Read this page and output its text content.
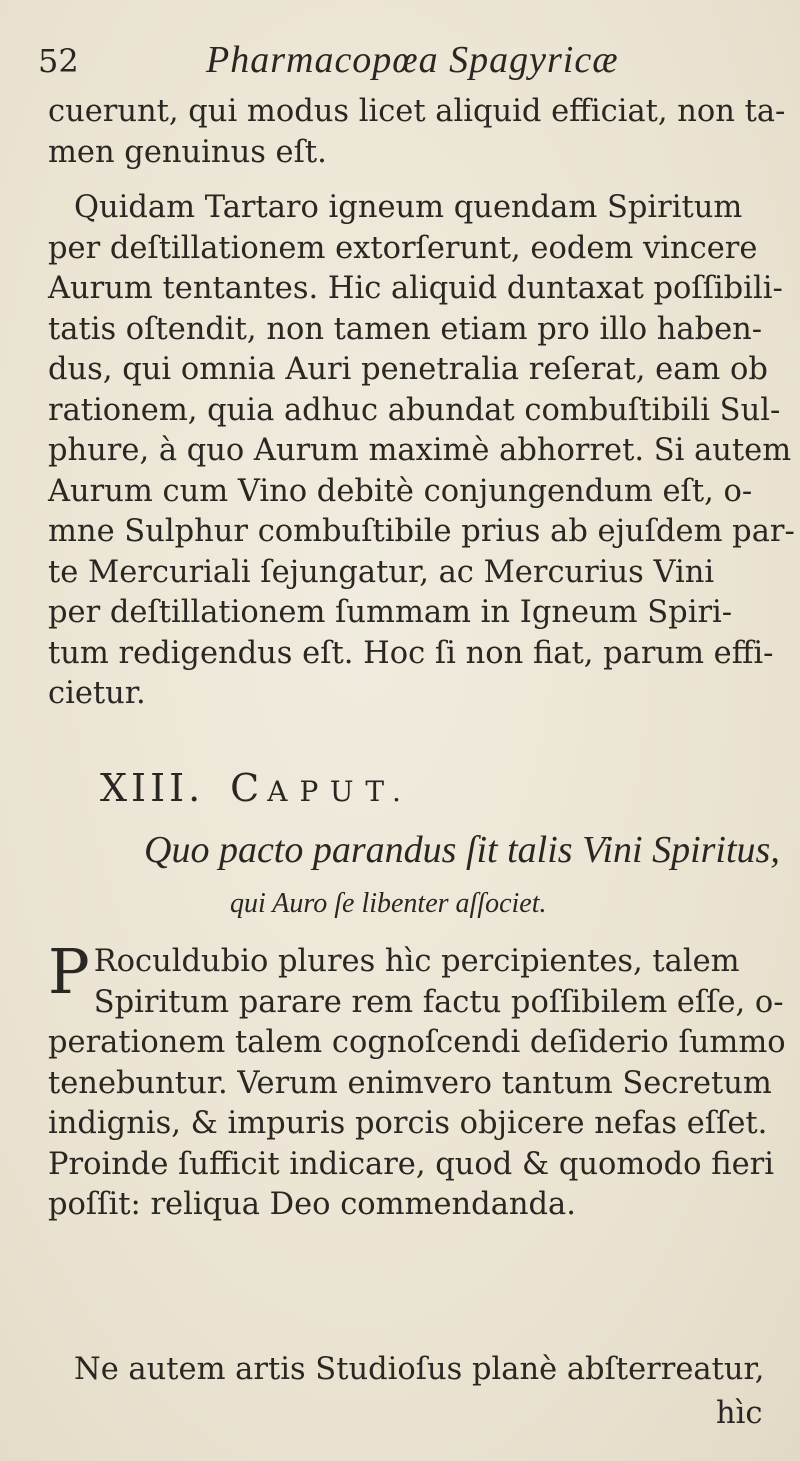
52	Pharmacopœa Spagyricæ
cuerunt, qui modus licet aliquid efficiat, non ta-
men genuinus eſt.
Quidam Tartaro igneum quendam Spiritum
per deſtillationem extorſerunt, eodem vincere
Aurum tentantes. Hic aliquid duntaxat poſſibili-
tatis oſtendit, non tamen etiam pro illo haben-
dus, qui omnia Auri penetralia reſerat, eam ob
rationem, quia adhuc abundat combuſtibili Sul-
phure, à quo Aurum maximè abhorret. Si autem
Aurum cum Vino debitè conjungendum eſt, o-
mne Sulphur combuſtibile prius ab ejuſdem par-
te Mercuriali ſejungatur, ac Mercurius Vini
per deſtillationem ſummam in Igneum Spiri-
tum redigendus eſt. Hoc ſi non fiat, parum effi-
cietur.
XIII. CAPUT.
Quo pacto parandus ſit talis Vini Spiritus,
qui Auro ſe libenter aſſociet.
P Roculdubio plures hìc percipientes, talem
Spiritum parare rem factu poſſibilem eſſe, o-
perationem talem cognoſcendi deſiderio ſummo
tenebuntur. Verum enimvero tantum Secretum
indignis, & impuris porcis objicere nefas eſſet.
Proinde ſufficit indicare, quod & quomodo fieri
poſſit: reliqua Deo commendanda.
Ne autem artis Studioſus planè abſterreatur,
hìc
